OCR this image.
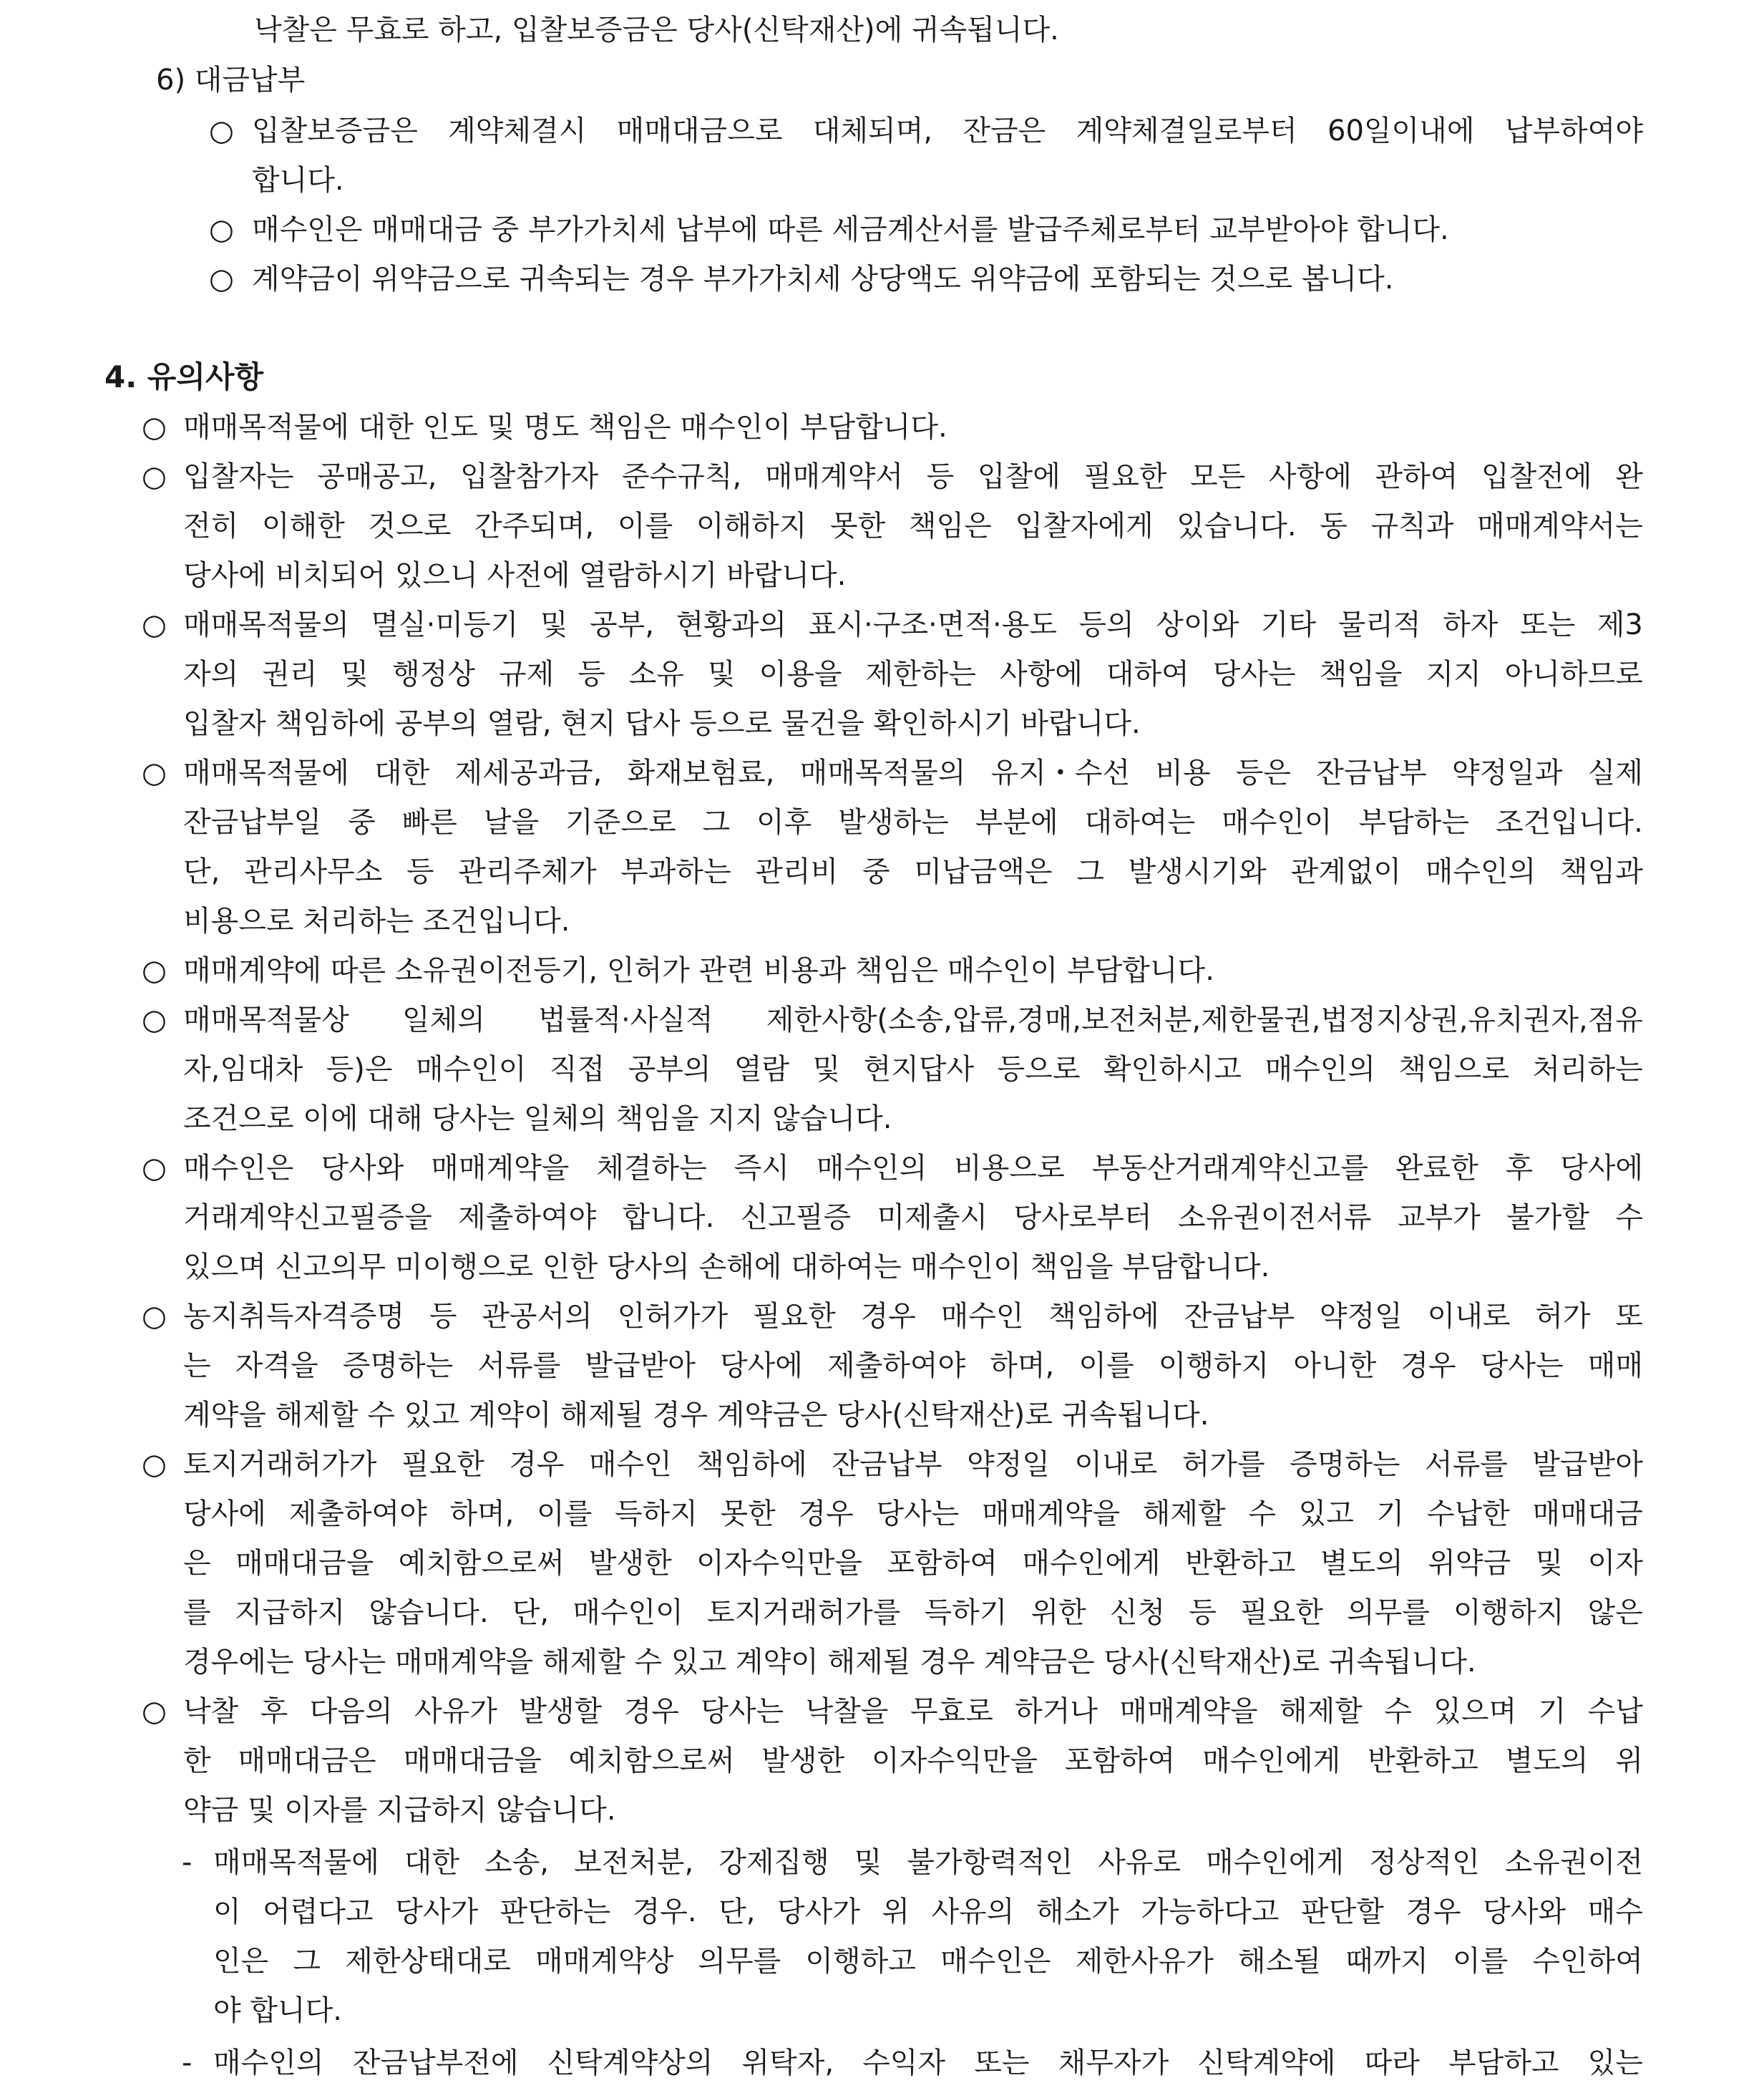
낙찰은 무효로 하고, 입찰보증금은 당사(신탁재산)에 귀속됩니다.
6) 대금납부
○ 입찰보증금은 계약체결시 매매대금으로 대체되며, 잔금은 계약체결일로부터 60일이내에 납부하여야
합니다.
○ 매수인은 매매대금 중 부가가치세 납부에 따른 세금계산서를 발급주체로부터 교부받아야 합니다.
○ 계약금이 위약금으로 귀속되는 경우 부가가치세 상당액도 위약금에 포함되는 것으로 봅니다.
4. 유의사항
○ 매매목적물에 대한 인도 및 명도 책임은 매수인이 부담합니다.
○ 입찰자는 공매공고, 입찰참가자 준수규칙, 매매계약서 등 입찰에 필요한 모든 사항에 관하여 입찰전에 완
전히 이해한 것으로 간주되며, 이를 이해하지 못한 책임은 입찰자에게 있습니다. 동 규칙과 매매계약서는
당사에 비치되어 있으니 사전에 열람하시기 바랍니다.
○ 매매목적물의 멸실·미등기 및 공부, 현황과의 표시·구조·면적·용도 등의 상이와 기타 물리적 하자 또는 제3
자의 권리 및 행정상 규제 등 소유 및 이용을 제한하는 사항에 대하여 당사는 책임을 지지 아니하므로
입찰자 책임하에 공부의 열람, 현지 답사 등으로 물건을 확인하시기 바랍니다.
○ 매매목적물에 대한 제세공과금, 화재보험료, 매매목적물의 유지・수선 비용 등은 잔금납부 약정일과 실제
잔금납부일 중 빠른 날을 기준으로 그 이후 발생하는 부분에 대하여는 매수인이 부담하는 조건입니다.
단, 관리사무소 등 관리주체가 부과하는 관리비 중 미납금액은 그 발생시기와 관계없이 매수인의 책임과
비용으로 처리하는 조건입니다.
○ 매매계약에 따른 소유권이전등기, 인허가 관련 비용과 책임은 매수인이 부담합니다.
○ 매매목적물상 일체의 법률적·사실적 제한사항(소송,압류,경매,보전처분,제한물권,법정지상권,유치권자,점유
자,임대차 등)은 매수인이 직접 공부의 열람 및 현지답사 등으로 확인하시고 매수인의 책임으로 처리하는
조건으로 이에 대해 당사는 일체의 책임을 지지 않습니다.
○ 매수인은 당사와 매매계약을 체결하는 즉시 매수인의 비용으로 부동산거래계약신고를 완료한 후 당사에
거래계약신고필증을 제출하여야 합니다. 신고필증 미제출시 당사로부터 소유권이전서류 교부가 불가할 수
있으며 신고의무 미이행으로 인한 당사의 손해에 대하여는 매수인이 책임을 부담합니다.
○ 농지취득자격증명 등 관공서의 인허가가 필요한 경우 매수인 책임하에 잔금납부 약정일 이내로 허가 또
는 자격을 증명하는 서류를 발급받아 당사에 제출하여야 하며, 이를 이행하지 아니한 경우 당사는 매매
계약을 해제할 수 있고 계약이 해제될 경우 계약금은 당사(신탁재산)로 귀속됩니다.
○ 토지거래허가가 필요한 경우 매수인 책임하에 잔금납부 약정일 이내로 허가를 증명하는 서류를 발급받아
당사에 제출하여야 하며, 이를 득하지 못한 경우 당사는 매매계약을 해제할 수 있고 기 수납한 매매대금
은 매매대금을 예치함으로써 발생한 이자수익만을 포함하여 매수인에게 반환하고 별도의 위약금 및 이자
를 지급하지 않습니다. 단, 매수인이 토지거래허가를 득하기 위한 신청 등 필요한 의무를 이행하지 않은
경우에는 당사는 매매계약을 해제할 수 있고 계약이 해제될 경우 계약금은 당사(신탁재산)로 귀속됩니다.
○ 낙찰 후 다음의 사유가 발생할 경우 당사는 낙찰을 무효로 하거나 매매계약을 해제할 수 있으며 기 수납
한 매매대금은 매매대금을 예치함으로써 발생한 이자수익만을 포함하여 매수인에게 반환하고 별도의 위
약금 및 이자를 지급하지 않습니다.
- 매매목적물에 대한 소송, 보전처분, 강제집행 및 불가항력적인 사유로 매수인에게 정상적인 소유권이전
이 어렵다고 당사가 판단하는 경우. 단, 당사가 위 사유의 해소가 가능하다고 판단할 경우 당사와 매수
인은 그 제한상태대로 매매계약상 의무를 이행하고 매수인은 제한사유가 해소될 때까지 이를 수인하여
야 합니다.
- 매수인의 잔금납부전에 신탁계약상의 위탁자, 수익자 또는 채무자가 신탁계약에 따라 부담하고 있는
